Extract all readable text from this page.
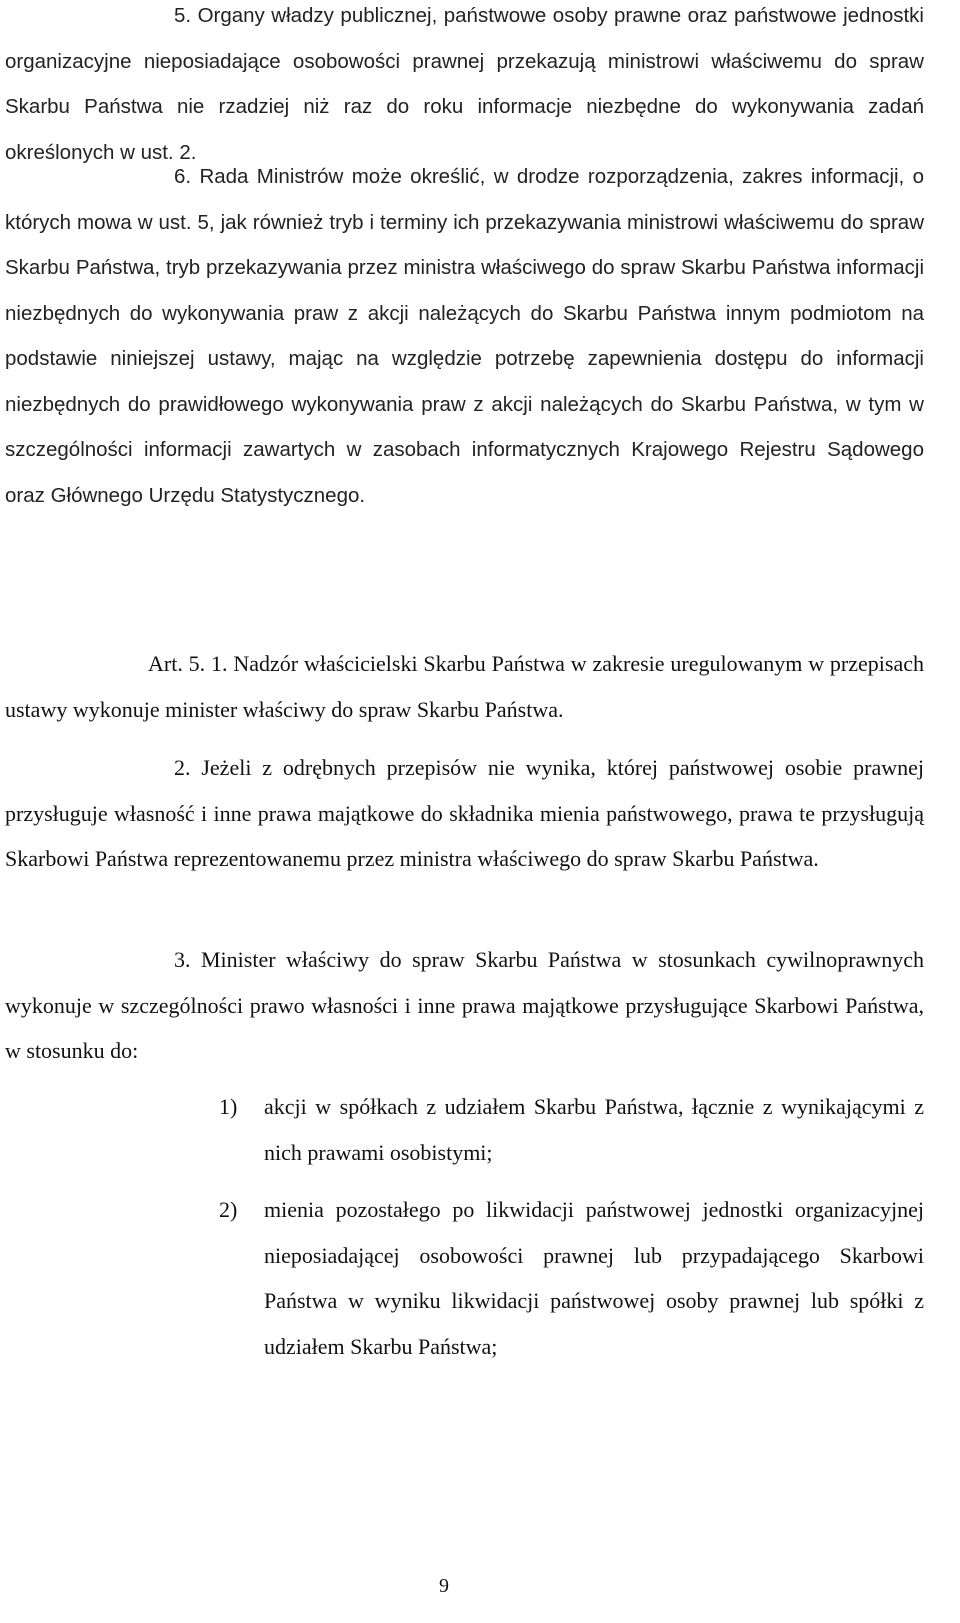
5. Organy władzy publicznej, państwowe osoby prawne oraz państwowe jednostki organizacyjne nieposiadające osobowości prawnej przekazują ministrowi właściwemu do spraw Skarbu Państwa nie rzadziej niż raz do roku informacje niezbędne do wykonywania zadań określonych w ust. 2.

6. Rada Ministrów może określić, w drodze rozporządzenia, zakres informacji, o których mowa w ust. 5, jak również tryb i terminy ich przekazywania ministrowi właściwemu do spraw Skarbu Państwa, tryb przekazywania przez ministra właściwego do spraw Skarbu Państwa informacji niezbędnych do wykonywania praw z akcji należących do Skarbu Państwa innym podmiotom na podstawie niniejszej ustawy, mając na względzie potrzebę zapewnienia dostępu do informacji niezbędnych do prawidłowego wykonywania praw z akcji należących do Skarbu Państwa, w tym w szczególności informacji zawartych w zasobach informatycznych Krajowego Rejestru Sądowego oraz Głównego Urzędu Statystycznego.

Art. 5. 1. Nadzór właścicielski Skarbu Państwa w zakresie uregulowanym w przepisach ustawy wykonuje minister właściwy do spraw Skarbu Państwa.

2. Jeżeli z odrębnych przepisów nie wynika, której państwowej osobie prawnej przysługuje własność i inne prawa majątkowe do składnika mienia państwowego, prawa te przysługują Skarbowi Państwa reprezentowanemu przez ministra właściwego do spraw Skarbu Państwa.

3. Minister właściwy do spraw Skarbu Państwa w stosunkach cywilnoprawnych wykonuje w szczególności prawo własności i inne prawa majątkowe przysługujące Skarbowi Państwa, w stosunku do:

1)	akcji w spółkach z udziałem Skarbu Państwa, łącznie z wynikającymi z nich prawami osobistymi;
2)	mienia pozostałego po likwidacji państwowej jednostki organizacyjnej nieposiadającej osobowości prawnej lub przypadającego Skarbowi Państwa w wyniku likwidacji państwowej osoby prawnej lub spółki z udziałem Skarbu Państwa;
9
